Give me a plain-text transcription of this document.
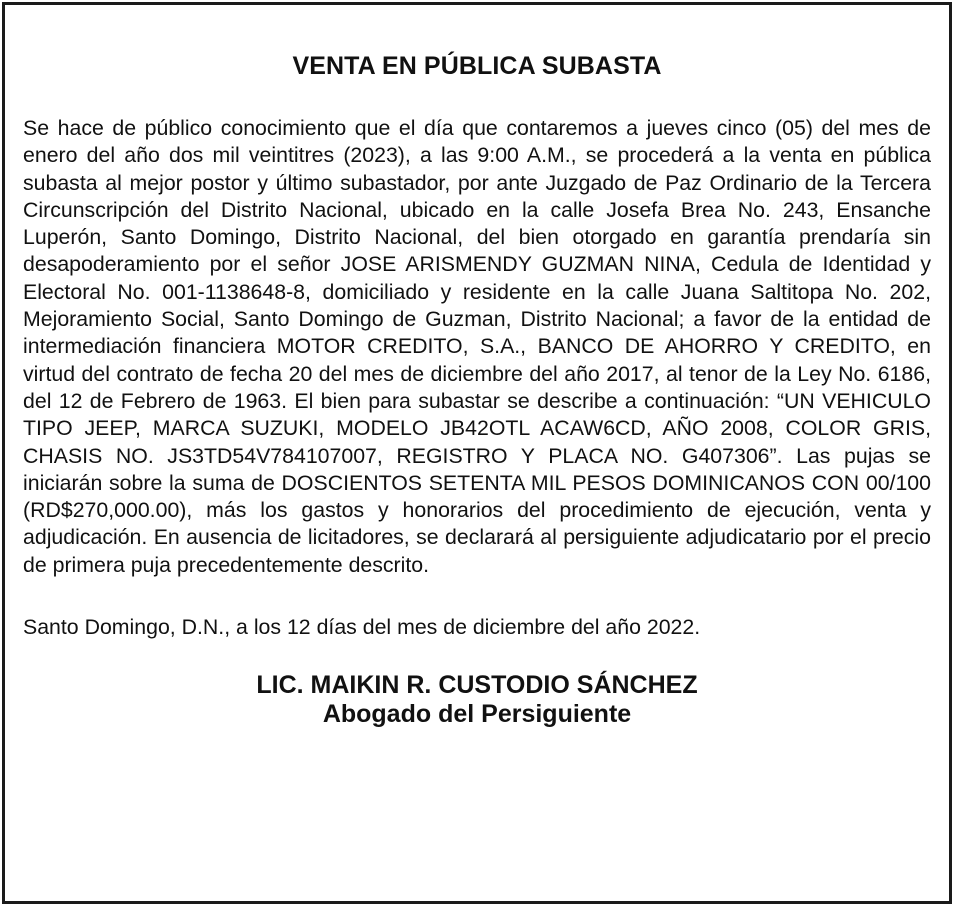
VENTA EN PÚBLICA SUBASTA

Se hace de público conocimiento que el día que contaremos a jueves cinco (05) del mes de enero del año dos mil veintitres (2023), a las 9:00 A.M., se procederá a la venta en pública subasta al mejor postor y último subastador, por ante Juzgado de Paz Ordinario de la Tercera Circunscripción del Distrito Nacional, ubicado en la calle Josefa Brea No. 243, Ensanche Luperón, Santo Domingo, Distrito Nacional, del bien otorgado en garantía prendaría sin desapoderamiento por el señor JOSE ARISMENDY GUZMAN NINA, Cedula de Identidad y Electoral No. 001-1138648-8, domiciliado y residente en la calle Juana Saltitopa No. 202, Mejoramiento Social, Santo Domingo de Guzman, Distrito Nacional; a favor de la entidad de intermediación financiera MOTOR CREDITO, S.A., BANCO DE AHORRO Y CREDITO, en virtud del contrato de fecha 20 del mes de diciembre del año 2017, al tenor de la Ley No. 6186, del 12 de Febrero de 1963. El bien para subastar se describe a continuación: “UN VEHICULO TIPO JEEP, MARCA SUZUKI, MODELO JB42OTL ACAW6CD, AÑO 2008, COLOR GRIS, CHASIS NO. JS3TD54V784107007, REGISTRO Y PLACA NO. G407306”. Las pujas se iniciarán sobre la suma de DOSCIENTOS SETENTA MIL PESOS DOMINICANOS CON 00/100 (RD$270,000.00), más los gastos y honorarios del procedimiento de ejecución, venta y adjudicación. En ausencia de licitadores, se declarará al persiguiente adjudicatario por el precio de primera puja precedentemente descrito.

Santo Domingo, D.N., a los 12 días del mes de diciembre del año 2022.

LIC. MAIKIN R. CUSTODIO SÁNCHEZ
Abogado del Persiguiente
